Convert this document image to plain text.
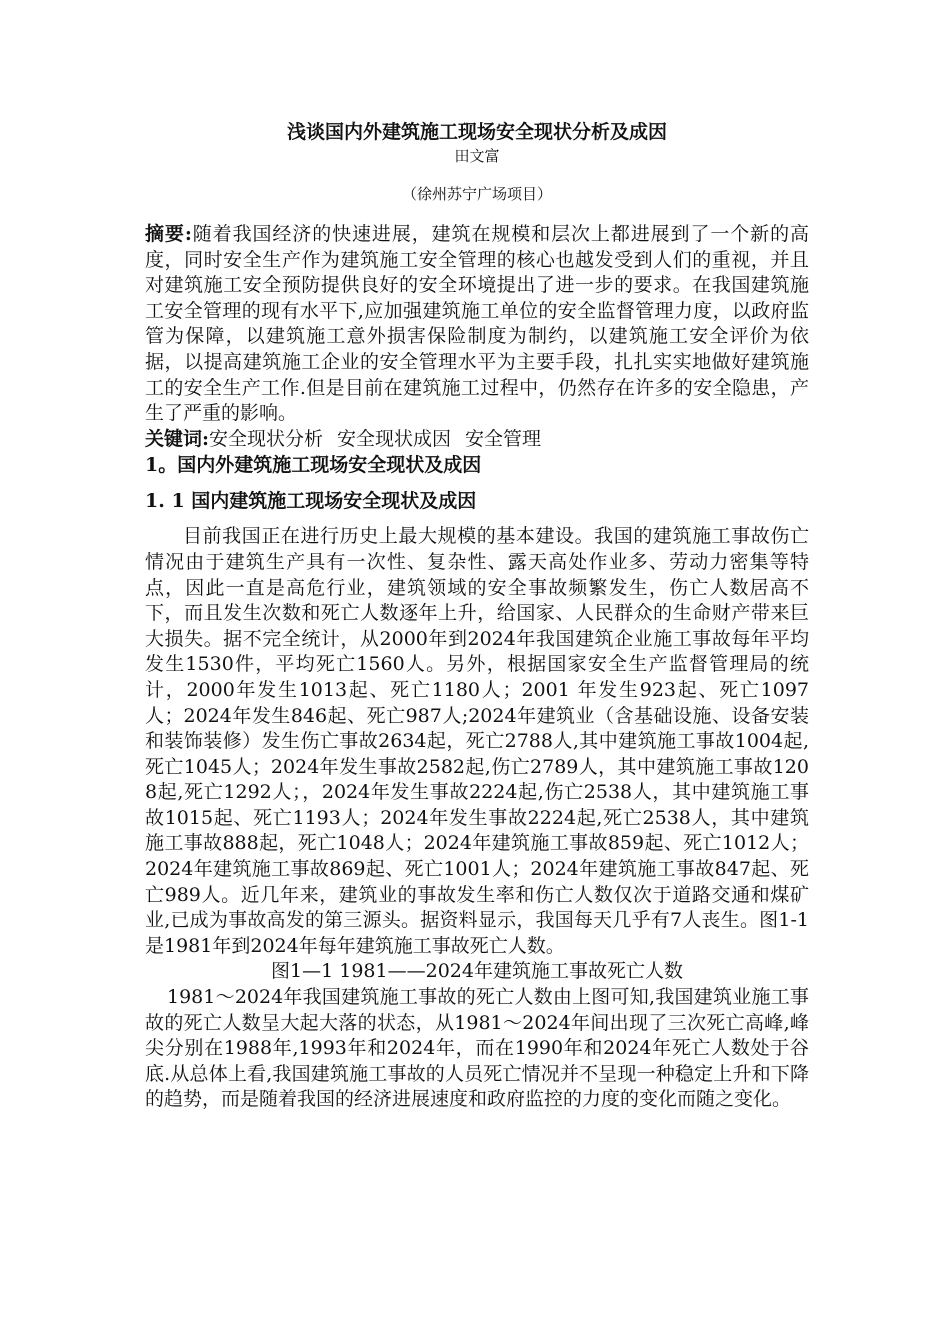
浅谈国内外建筑施工现场安全现状分析及成因

田文富

（徐州苏宁广场项目）

摘要:随着我国经济的快速进展，建筑在规模和层次上都进展到了一个新的高度，同时安全生产作为建筑施工安全管理的核心也越发受到人们的重视，并且对建筑施工安全预防提供良好的安全环境提出了进一步的要求。在我国建筑施工安全管理的现有水平下,应加强建筑施工单位的安全监督管理力度，以政府监管为保障，以建筑施工意外损害保险制度为制约，以建筑施工安全评价为依据，以提高建筑施工企业的安全管理水平为主要手段，扎扎实实地做好建筑施工的安全生产工作.但是目前在建筑施工过程中，仍然存在许多的安全隐患，产生了严重的影响。

关键词:安全现状分析 安全现状成因 安全管理

1。国内外建筑施工现场安全现状及成因

1. 1 国内建筑施工现场安全现状及成因

目前我国正在进行历史上最大规模的基本建设。我国的建筑施工事故伤亡情况由于建筑生产具有一次性、复杂性、露天高处作业多、劳动力密集等特点，因此一直是高危行业，建筑领域的安全事故频繁发生，伤亡人数居高不下，而且发生次数和死亡人数逐年上升，给国家、人民群众的生命财产带来巨大损失。据不完全统计，从2000年到2024年我国建筑企业施工事故每年平均发生1530件，平均死亡1560人。另外，根据国家安全生产监督管理局的统计，2000年发生1013起、死亡1180人；2001 年发生923起、死亡1097人；2024年发生846起、死亡987人;2024年建筑业（含基础设施、设备安装和装饰装修）发生伤亡事故2634起，死亡2788人,其中建筑施工事故1004起,死亡1045人；2024年发生事故2582起,伤亡2789人，其中建筑施工事故1208起,死亡1292人；，2024年发生事故2224起,伤亡2538人，其中建筑施工事故1015起、死亡1193人；2024年发生事故2224起,死亡2538人，其中建筑施工事故888起，死亡1048人；2024年建筑施工事故859起、死亡1012人；2024年建筑施工事故869起、死亡1001人；2024年建筑施工事故847起、死亡989人。近几年来，建筑业的事故发生率和伤亡人数仅次于道路交通和煤矿业,已成为事故高发的第三源头。据资料显示，我国每天几乎有7人丧生。图1-1是1981年到2024年每年建筑施工事故死亡人数。

图1—1 1981——2024年建筑施工事故死亡人数

1981～2024年我国建筑施工事故的死亡人数由上图可知,我国建筑业施工事故的死亡人数呈大起大落的状态，从1981～2024年间出现了三次死亡高峰,峰尖分别在1988年,1993年和2024年，而在1990年和2024年死亡人数处于谷底.从总体上看,我国建筑施工事故的人员死亡情况并不呈现一种稳定上升和下降的趋势，而是随着我国的经济进展速度和政府监控的力度的变化而随之变化。
